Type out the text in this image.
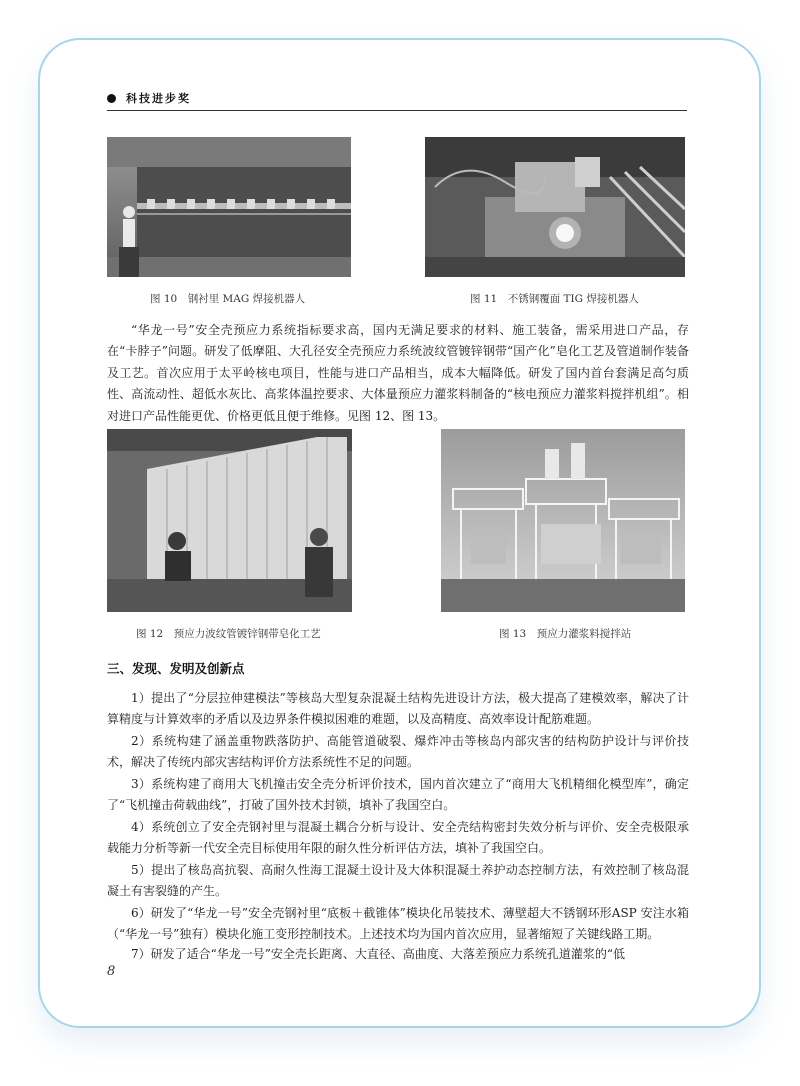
科技进步奖
图 10　钢衬里 MAG 焊接机器人	图 11　不锈钢覆面 TIG 焊接机器人

“华龙一号”安全壳预应力系统指标要求高，国内无满足要求的材料、施工装备，需采用进口产品，存在“卡脖子”问题。研发了低摩阻、大孔径安全壳预应力系统波纹管镀锌钢带“国产化”皂化工艺及管道制作装备及工艺。首次应用于太平岭核电项目，性能与进口产品相当，成本大幅降低。研发了国内首台套满足高匀质性、高流动性、超低水灰比、高浆体温控要求、大体量预应力灌浆料制备的“核电预应力灌浆料搅拌机组”。相对进口产品性能更优、价格更低且便于维修。见图 12、图 13。

图 12　预应力波纹管镀锌钢带皂化工艺	图 13　预应力灌浆料搅拌站
三、发现、发明及创新点

1）提出了“分层拉伸建模法”等核岛大型复杂混凝土结构先进设计方法，极大提高了建模效率，解决了计算精度与计算效率的矛盾以及边界条件模拟困难的难题，以及高精度、高效率设计配筋难题。

2）系统构建了涵盖重物跌落防护、高能管道破裂、爆炸冲击等核岛内部灾害的结构防护设计与评价技术，解决了传统内部灾害结构评价方法系统性不足的问题。

3）系统构建了商用大飞机撞击安全壳分析评价技术，国内首次建立了“商用大飞机精细化模型库”，确定了“飞机撞击荷载曲线”，打破了国外技术封锁，填补了我国空白。

4）系统创立了安全壳钢衬里与混凝土耦合分析与设计、安全壳结构密封失效分析与评价、安全壳极限承载能力分析等新一代安全壳目标使用年限的耐久性分析评估方法，填补了我国空白。

5）提出了核岛高抗裂、高耐久性海工混凝土设计及大体积混凝土养护动态控制方法，有效控制了核岛混凝土有害裂缝的产生。

6）研发了“华龙一号”安全壳钢衬里“底板＋截锥体”模块化吊装技术、薄壁超大不锈钢环形ASP 安注水箱（“华龙一号”独有）模块化施工变形控制技术。上述技术均为国内首次应用，显著缩短了关键线路工期。

7）研发了适合“华龙一号”安全壳长距离、大直径、高曲度、大落差预应力系统孔道灌浆的“低

8
